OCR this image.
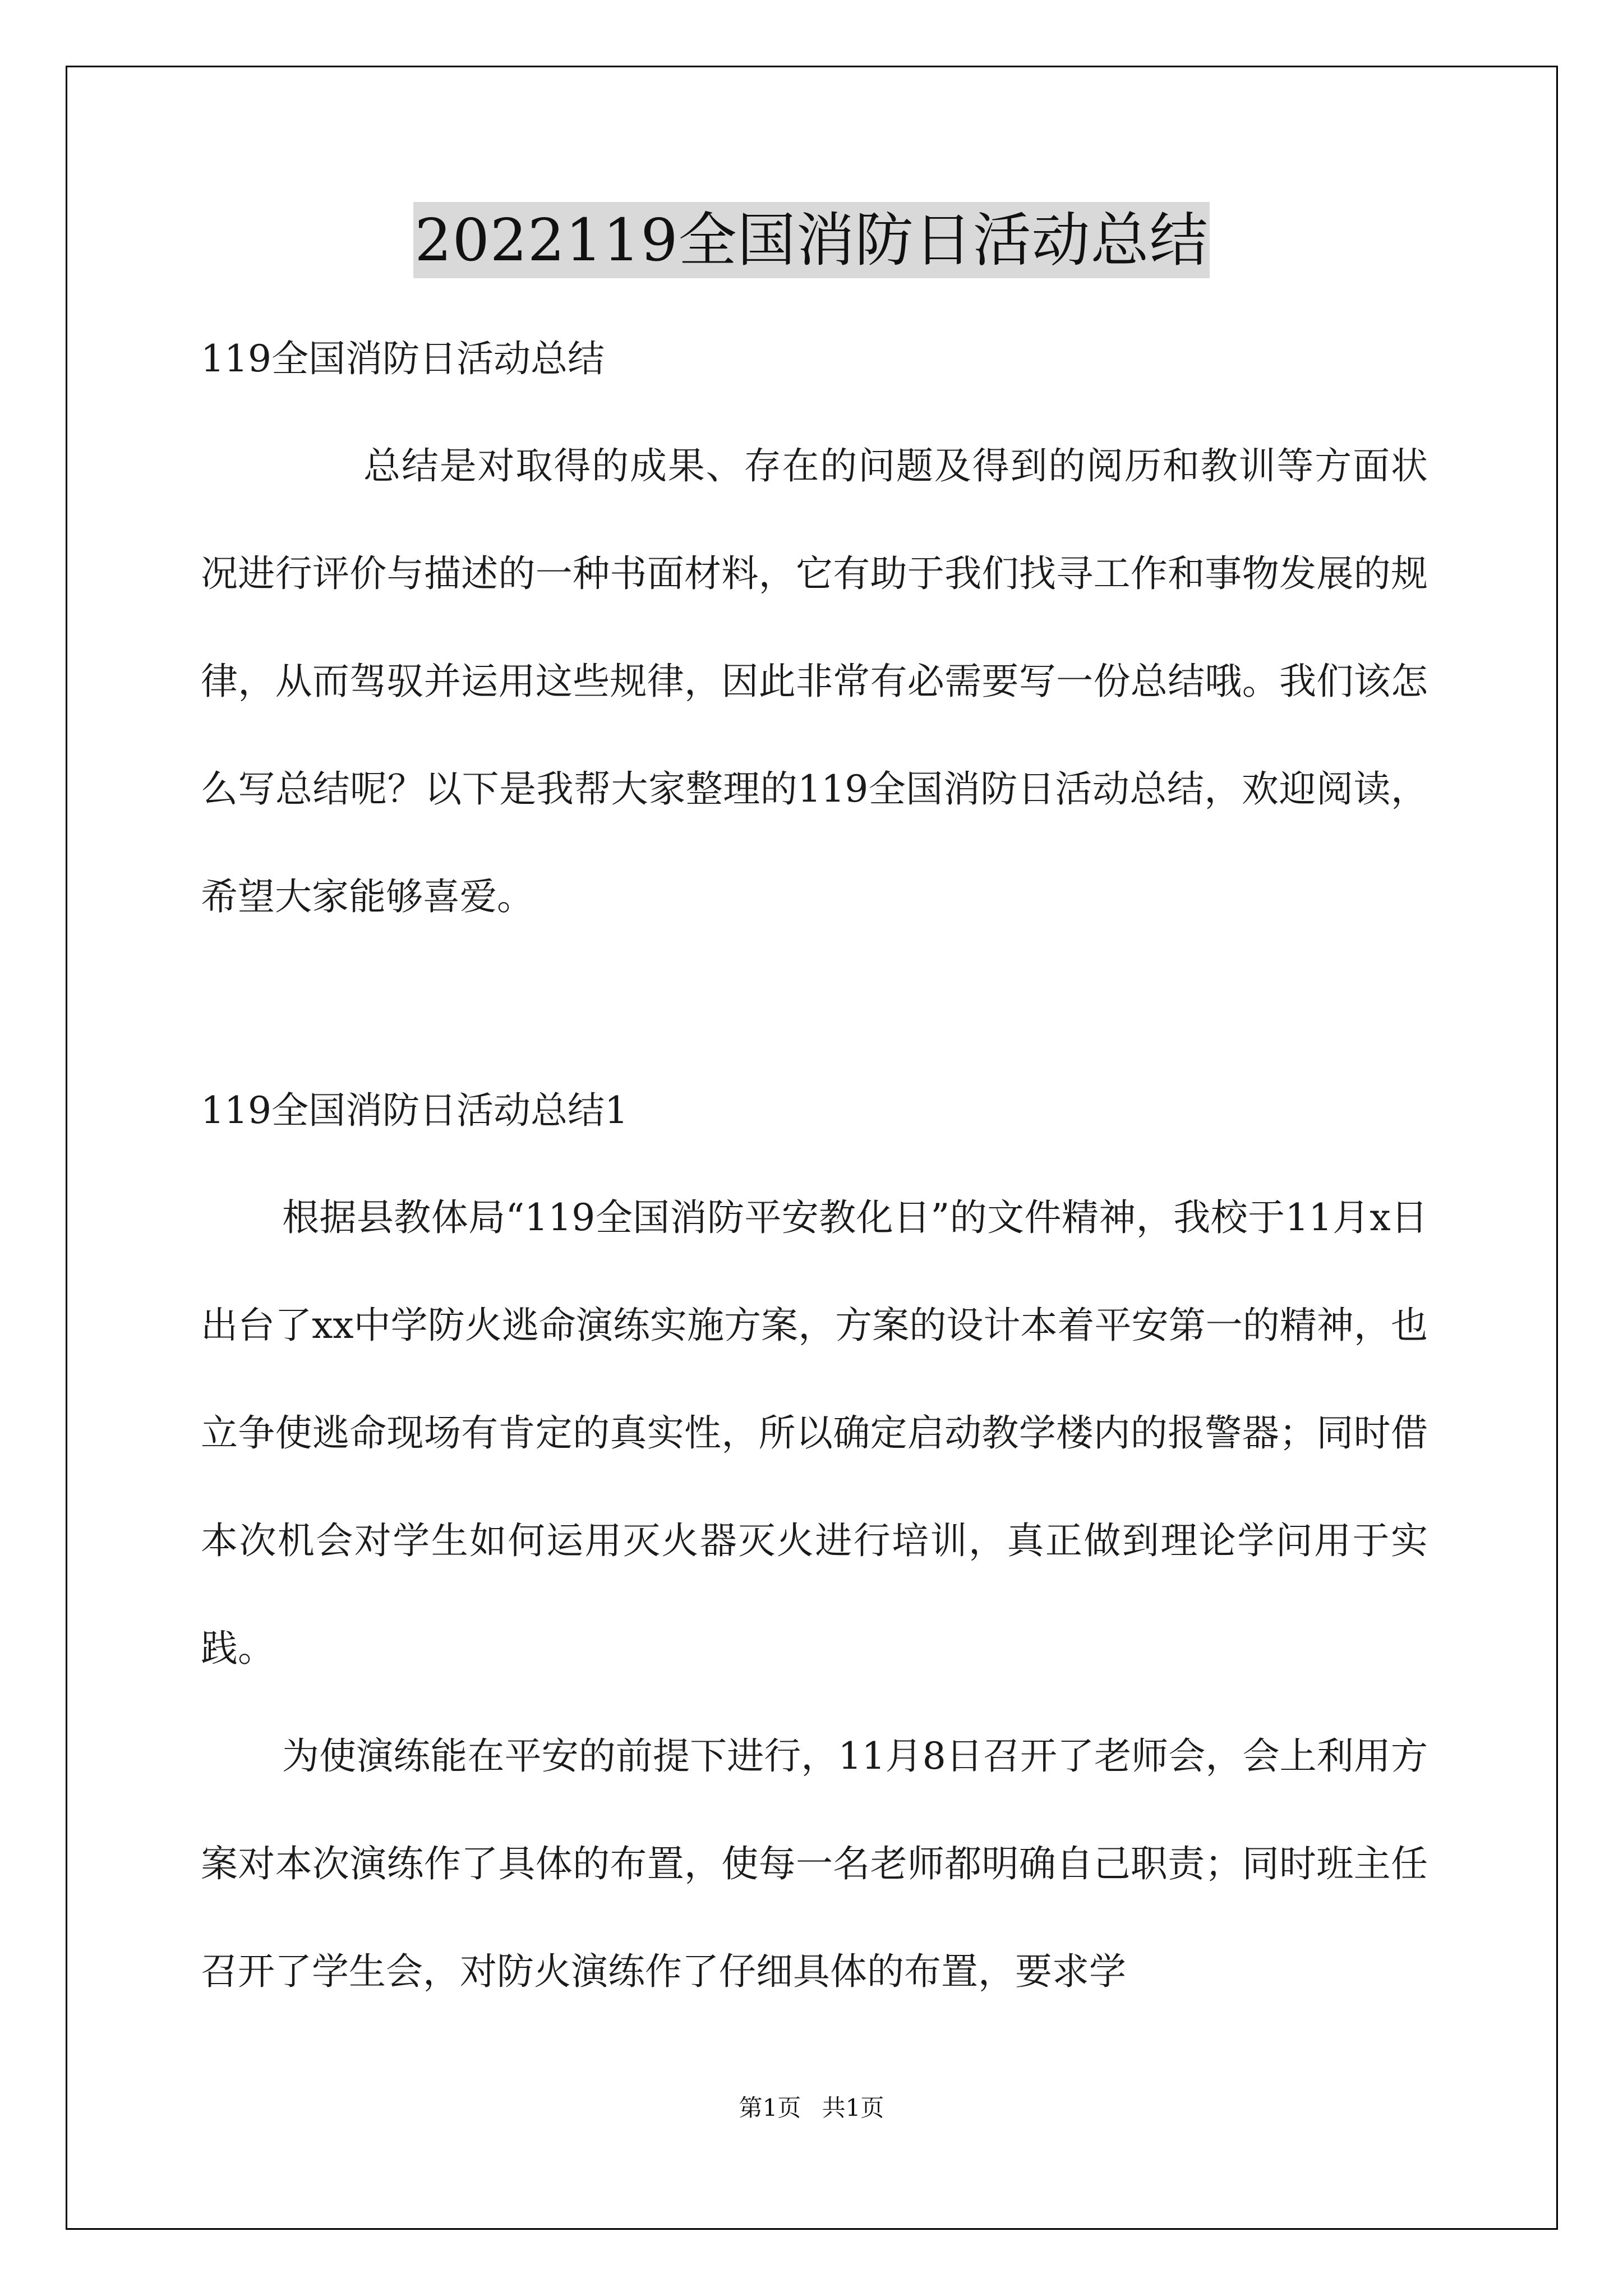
2022119全国消防日活动总结

119全国消防日活动总结

总结是对取得的成果、存在的问题及得到的阅历和教训等方面状况进行评价与描述的一种书面材料，它有助于我们找寻工作和事物发展的规律，从而驾驭并运用这些规律，因此非常有必需要写一份总结哦。我们该怎么写总结呢？以下是我帮大家整理的119全国消防日活动总结，欢迎阅读，希望大家能够喜爱。

119全国消防日活动总结1

根据县教体局“119全国消防平安教化日”的文件精神，我校于11月x日出台了xx中学防火逃命演练实施方案，方案的设计本着平安第一的精神，也立争使逃命现场有肯定的真实性，所以确定启动教学楼内的报警器；同时借本次机会对学生如何运用灭火器灭火进行培训，真正做到理论学问用于实践。

为使演练能在平安的前提下进行，11月8日召开了老师会，会上利用方案对本次演练作了具体的布置，使每一名老师都明确自己职责；同时班主任召开了学生会，对防火演练作了仔细具体的布置，要求学

第1页 共1页
